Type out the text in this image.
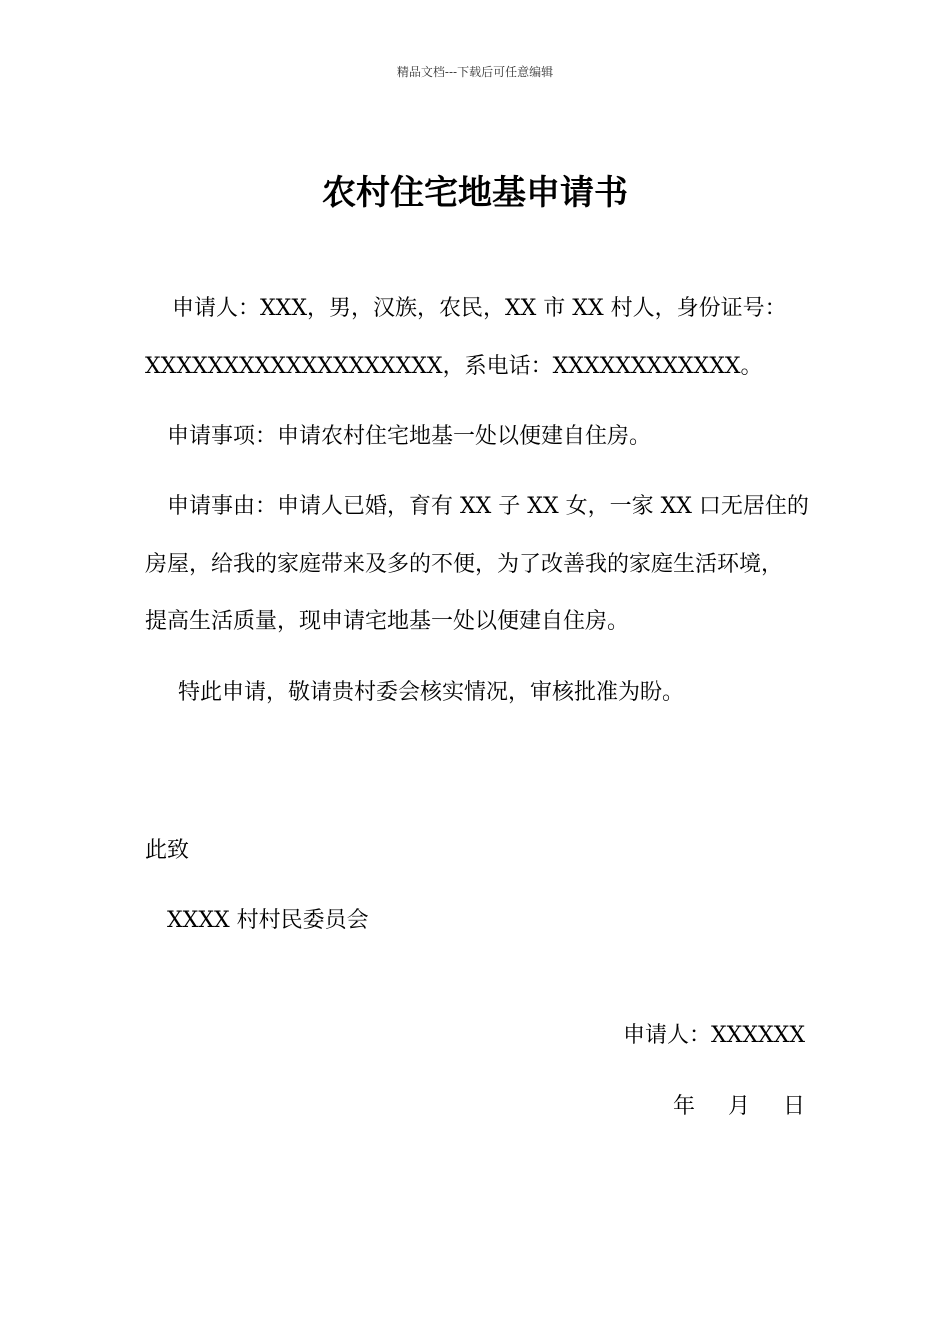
精品文档---下载后可任意编辑
农村住宅地基申请书

申请人：XXX，男，汉族，农民，XX 市 XX 村人，身份证号：

XXXXXXXXXXXXXXXXXXX，系电话：XXXXXXXXXXXX。

申请事项：申请农村住宅地基一处以便建自住房。

申请事由：申请人已婚，育有 XX 子 XX 女，一家 XX 口无居住的

房屋，给我的家庭带来及多的不便，为了改善我的家庭生活环境，

提高生活质量，现申请宅地基一处以便建自住房。

特此申请，敬请贵村委会核实情况，审核批准为盼。

此致

XXXX 村村民委员会

申请人：XXXXXX

年 月 日
